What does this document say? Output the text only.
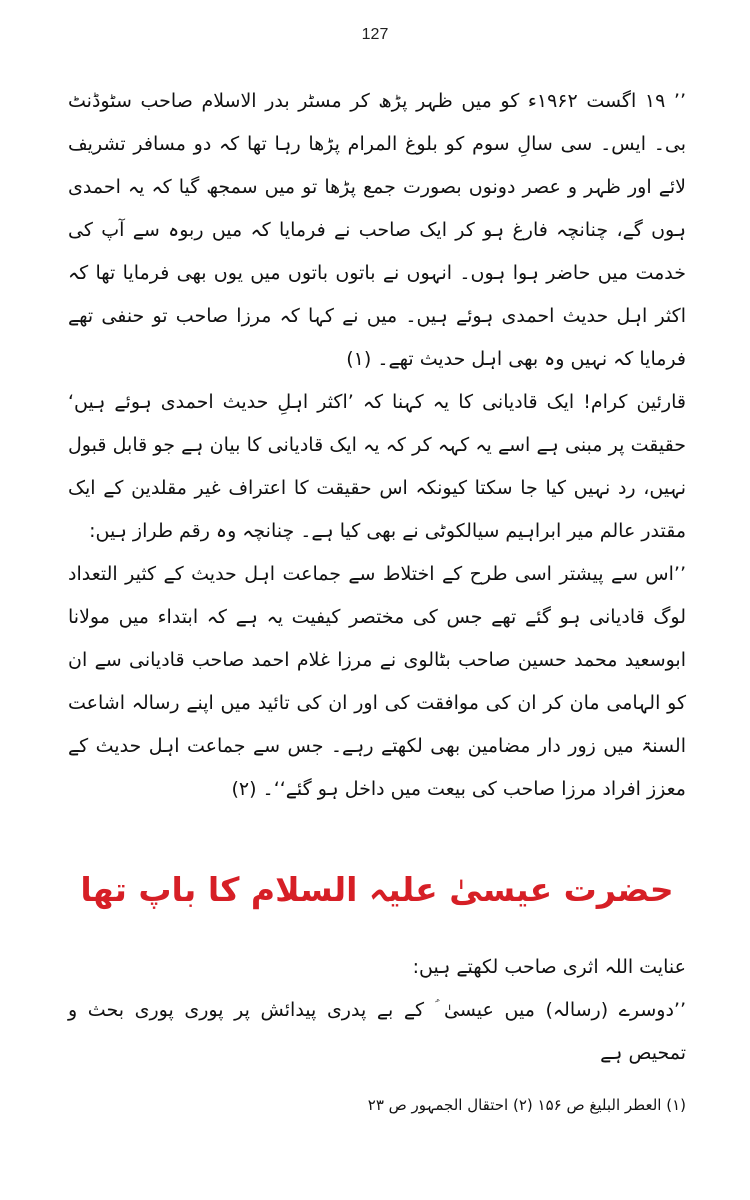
127

’’ ۱۹ اگست ۱۹۶۲ء کو میں ظہر پڑھ کر مسٹر بدر الاسلام صاحب سٹوڈنٹ بی۔ ایس۔ سی سالِ سوم کو بلوغ المرام پڑھا رہا تھا کہ دو مسافر تشریف لائے اور ظہر و عصر دونوں بصورت جمع پڑھا تو میں سمجھ گیا کہ یہ احمدی ہوں گے، چنانچہ فارغ ہو کر ایک صاحب نے فرمایا کہ میں ربوہ سے آپ کی خدمت میں حاضر ہوا ہوں۔ انہوں نے باتوں باتوں میں یوں بھی فرمایا تھا کہ اکثر اہل حدیث احمدی ہوئے ہیں۔ میں نے کہا کہ مرزا صاحب تو حنفی تھے فرمایا کہ نہیں وہ بھی اہل حدیث تھے۔ (۱)

قارئین کرام! ایک قادیانی کا یہ کہنا کہ ’اکثر اہلِ حدیث احمدی ہوئے ہیں‘ حقیقت پر مبنی ہے اسے یہ کہہ کر کہ یہ ایک قادیانی کا بیان ہے جو قابل قبول نہیں، رد نہیں کیا جا سکتا کیونکہ اس حقیقت کا اعتراف غیر مقلدین کے ایک مقتدر عالم میر ابراہیم سیالکوٹی نے بھی کیا ہے۔ چنانچہ وہ رقم طراز ہیں:

’’اس سے پیشتر اسی طرح کے اختلاط سے جماعت اہل حدیث کے کثیر التعداد لوگ قادیانی ہو گئے تھے جس کی مختصر کیفیت یہ ہے کہ ابتداء میں مولانا ابوسعید محمد حسین صاحب بٹالوی نے مرزا غلام احمد صاحب قادیانی سے ان کو الہامی مان کر ان کی موافقت کی اور ان کی تائید میں اپنے رسالہ اشاعت السنۃ میں زور دار مضامین بھی لکھتے رہے۔ جس سے جماعت اہل حدیث کے معزز افراد مرزا صاحب کی بیعت میں داخل ہو گئے‘‘۔ (۲)

حضرت عیسیٰ علیہ السلام کا باپ تھا

عنایت اللہ اثری صاحب لکھتے ہیں:

’’دوسرے (رسالہ) میں عیسیٰ ؑ کے بے پدری پیدائش پر پوری پوری بحث و تمحیص ہے

(۱) العطر البلیغ ص ۱۵۶ (۲) احتقال الجمہور ص ۲۳
